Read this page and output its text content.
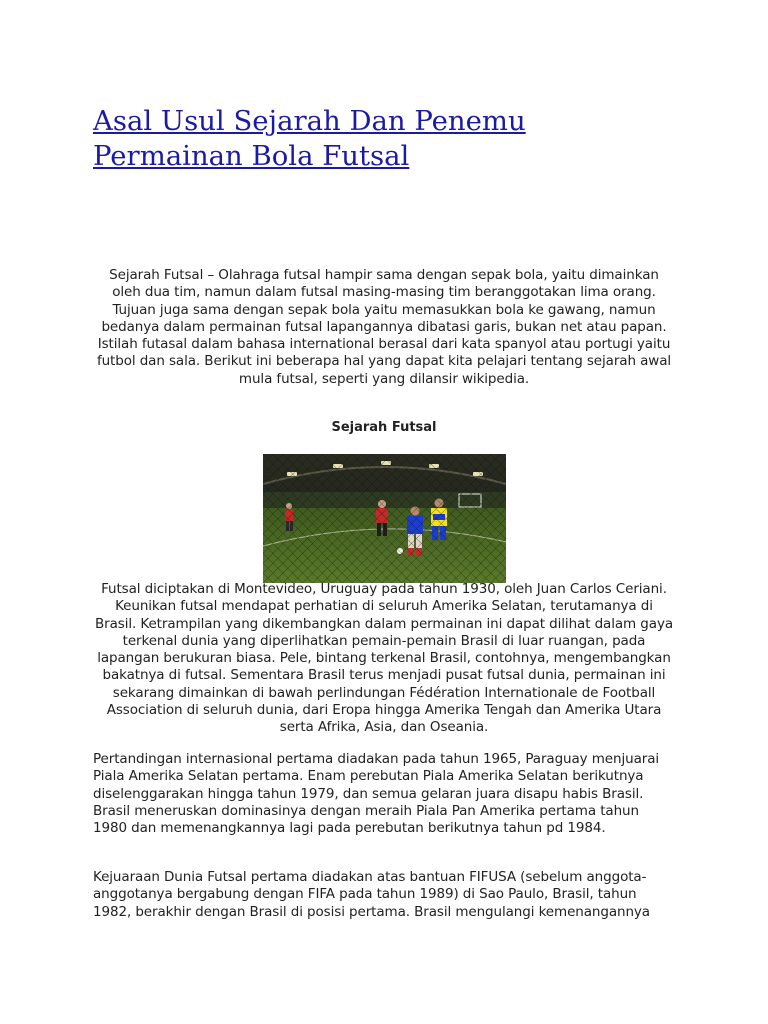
Asal Usul Sejarah Dan Penemu Permainan Bola Futsal

Sejarah Futsal – Olahraga futsal hampir sama dengan sepak bola, yaitu dimainkan oleh dua tim, namun dalam futsal masing-masing tim beranggotakan lima orang. Tujuan juga sama dengan sepak bola yaitu memasukkan bola ke gawang, namun bedanya dalam permainan futsal lapangannya dibatasi garis, bukan net atau papan. Istilah futasal dalam bahasa international berasal dari kata spanyol atau portugi yaitu futbol dan sala. Berikut ini beberapa hal yang dapat kita pelajari tentang sejarah awal mula futsal, seperti yang dilansir wikipedia.

Sejarah Futsal

Futsal diciptakan di Montevideo, Uruguay pada tahun 1930, oleh Juan Carlos Ceriani. Keunikan futsal mendapat perhatian di seluruh Amerika Selatan, terutamanya di Brasil. Ketrampilan yang dikembangkan dalam permainan ini dapat dilihat dalam gaya terkenal dunia yang diperlihatkan pemain-pemain Brasil di luar ruangan, pada lapangan berukuran biasa. Pele, bintang terkenal Brasil, contohnya, mengembangkan bakatnya di futsal. Sementara Brasil terus menjadi pusat futsal dunia, permainan ini sekarang dimainkan di bawah perlindungan Fédération Internationale de Football Association di seluruh dunia, dari Eropa hingga Amerika Tengah dan Amerika Utara serta Afrika, Asia, dan Oseania.

Pertandingan internasional pertama diadakan pada tahun 1965, Paraguay menjuarai Piala Amerika Selatan pertama. Enam perebutan Piala Amerika Selatan berikutnya diselenggarakan hingga tahun 1979, dan semua gelaran juara disapu habis Brasil. Brasil meneruskan dominasinya dengan meraih Piala Pan Amerika pertama tahun 1980 dan memenangkannya lagi pada perebutan berikutnya tahun pd 1984.

Kejuaraan Dunia Futsal pertama diadakan atas bantuan FIFUSA (sebelum anggota-anggotanya bergabung dengan FIFA pada tahun 1989) di Sao Paulo, Brasil, tahun 1982, berakhir dengan Brasil di posisi pertama. Brasil mengulangi kemenangannya
